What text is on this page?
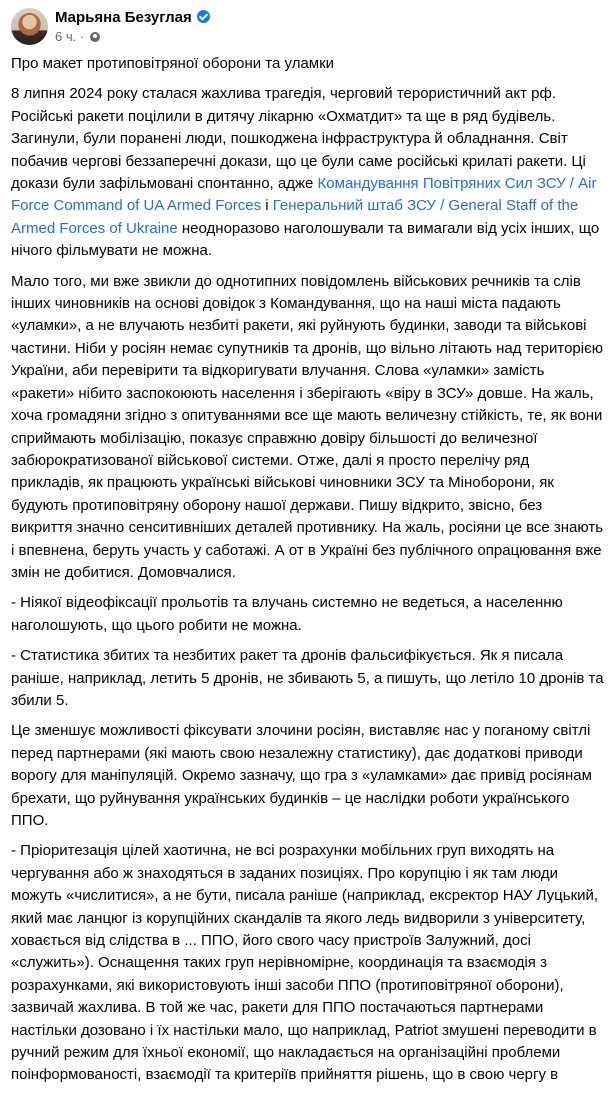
Марьяна Безуглая
6 ч. ·

Про макет протиповітряної оборони та уламки

8 липня 2024 року сталася жахлива трагедія, черговий терористичний акт рф. Російські ракети поцілили в дитячу лікарню «Охматдит» та ще в ряд будівель. Загинули, були поранені люди, пошкоджена інфраструктура й обладнання. Світ побачив чергові беззаперечні докази, що це були саме російські крилаті ракети. Ці докази були зафільмовані спонтанно, адже Командування Повітряних Сил ЗСУ / Air Force Command of UA Armed Forces і Генеральний штаб ЗСУ / General Staff of the Armed Forces of Ukraine неодноразово наголошували та вимагали від усіх інших, що нічого фільмувати не можна.

Мало того, ми вже звикли до однотипних повідомлень військових речників та слів інших чиновників на основі довідок з Командування, що на наші міста падають «уламки», а не влучають незбиті ракети, які руйнують будинки, заводи та військові частини. Ніби у росіян немає супутників та дронів, що вільно літають над територією України, аби перевірити та відкоригувати влучання. Слова «уламки» замість «ракети» нібито заспокоюють населення і зберігають «віру в ЗСУ» довше. На жаль, хоча громадяни згідно з опитуваннями все ще мають величезну стійкість, те, як вони сприймають мобілізацію, показує справжню довіру більшості до величезної забюрократизованої військової системи. Отже, далі я просто перелічу ряд прикладів, як працюють українські військові чиновники ЗСУ та Міноборони, як будують протиповітряну оборону нашої держави. Пишу відкрито, звісно, без викриття значно сенситивніших деталей противнику. На жаль, росіяни це все знають і впевнена, беруть участь у саботажі. А от в Україні без публічного опрацювання вже змін не добитися. Домовчалися.

- Ніякої відеофіксації прольотів та влучань системно не ведеться, а населенню наголошують, що цього робити не можна.

- Статистика збитих та незбитих ракет та дронів фальсифікується. Як я писала раніше, наприклад, летить 5 дронів, не збивають 5, а пишуть, що летіло 10 дронів та збили 5.

Це зменшує можливості фіксувати злочини росіян, виставляє нас у поганому світлі перед партнерами (які мають свою незалежну статистику), дає додаткові приводи ворогу для маніпуляцій. Окремо зазначу, що гра з «уламками» дає привід росіянам брехати, що руйнування українських будинків – це наслідки роботи українського ППО.

- Пріоритезація цілей хаотична, не всі розрахунки мобільних груп виходять на чергування або ж знаходяться в заданих позиціях. Про корупцію і як там люди можуть «числитися», а не бути, писала раніше (наприклад, ексректор НАУ Луцький, який має ланцюг із корупційних скандалів та якого ледь видворили з університету, ховається від слідства в ... ППО, його свого часу пристроїв Залужний, досі «служить»). Оснащення таких груп нерівномірне, координація та взаємодія з розрахунками, які використовують інші засоби ППО (протиповітряної оборони), зазвичай жахлива. В той же час, ракети для ППО постачаються партнерами настільки дозовано і їх настільки мало, що наприклад, Patriot змушені переводити в ручний режим для їхньої економії, що накладається на організаційні проблеми поінформованості, взаємодії та критеріїв прийняття рішень, що в свою чергу в
